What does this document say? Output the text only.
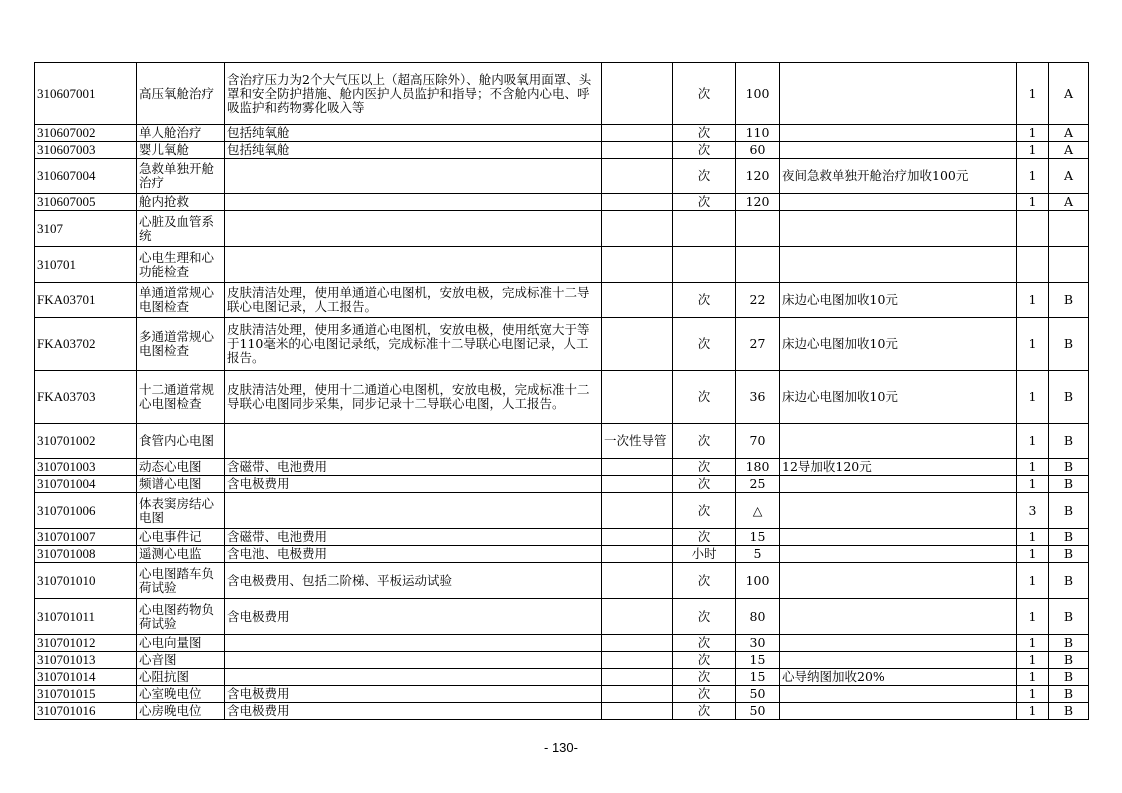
310607001	高压氧舱治疗	含治疗压力为2个大气压以上（超高压除外）、舱内吸氧用面罩、头罩和安全防护措施、舱内医护人员监护和指导；不含舱内心电、呼吸监护和药物雾化吸入等		次	100		1	A
310607002	单人舱治疗	包括纯氧舱		次	110		1	A
310607003	婴儿氧舱	包括纯氧舱		次	60		1	A
310607004	急救单独开舱治疗			次	120	夜间急救单独开舱治疗加收100元	1	A
310607005	舱内抢救			次	120		1	A
3107	心脏及血管系统							
310701	心电生理和心功能检查							
FKA03701	单通道常规心电图检查	皮肤清洁处理，使用单通道心电图机，安放电极，完成标准十二导联心电图记录，人工报告。		次	22	床边心电图加收10元	1	B
FKA03702	多通道常规心电图检查	皮肤清洁处理，使用多通道心电图机，安放电极，使用纸宽大于等于110毫米的心电图记录纸，完成标准十二导联心电图记录，人工报告。		次	27	床边心电图加收10元	1	B
FKA03703	十二通道常规心电图检查	皮肤清洁处理，使用十二通道心电图机，安放电极，完成标准十二导联心电图同步采集，同步记录十二导联心电图，人工报告。		次	36	床边心电图加收10元	1	B
310701002	食管内心电图		一次性导管	次	70		1	B
310701003	动态心电图	含磁带、电池费用		次	180	12导加收120元	1	B
310701004	频谱心电图	含电极费用		次	25		1	B
310701006	体表窦房结心电图			次	△		3	B
310701007	心电事件记	含磁带、电池费用		次	15		1	B
310701008	遥测心电监	含电池、电极费用		小时	5		1	B
310701010	心电图踏车负荷试验	含电极费用、包括二阶梯、平板运动试验		次	100		1	B
310701011	心电图药物负荷试验	含电极费用		次	80		1	B
310701012	心电向量图			次	30		1	B
310701013	心音图			次	15		1	B
310701014	心阻抗图			次	15	心导纳图加收20%	1	B
310701015	心室晚电位	含电极费用		次	50		1	B
310701016	心房晚电位	含电极费用		次	50		1	B
- 130-
